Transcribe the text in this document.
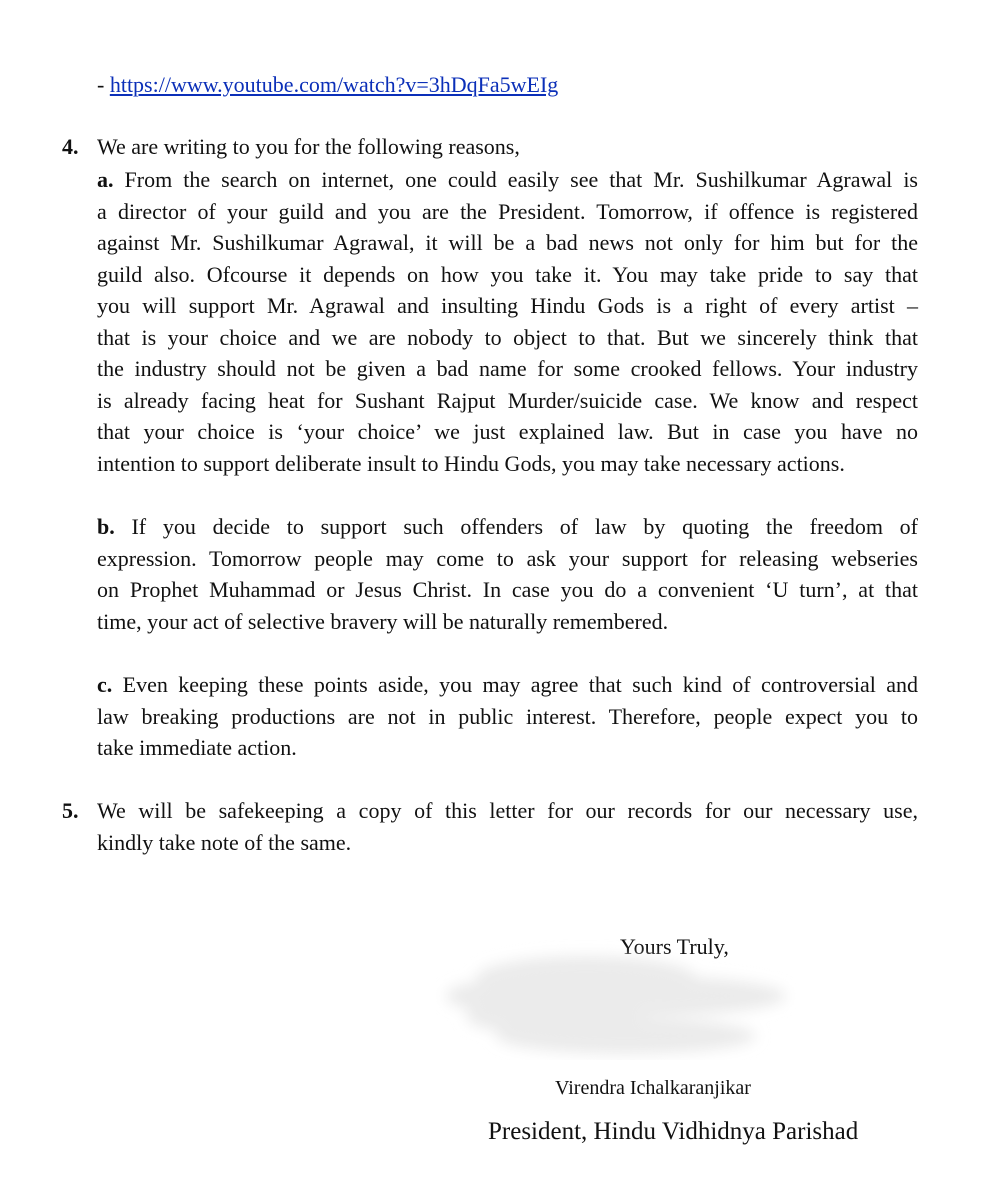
- https://www.youtube.com/watch?v=3hDqFa5wEIg
4. We are writing to you for the following reasons,
a. From the search on internet, one could easily see that Mr. Sushilkumar Agrawal is
a director of your guild and you are the President. Tomorrow, if offence is registered
against Mr. Sushilkumar Agrawal, it will be a bad news not only for him but for the
guild also. Ofcourse it depends on how you take it. You may take pride to say that
you will support Mr. Agrawal and insulting Hindu Gods is a right of every artist –
that is your choice and we are nobody to object to that. But we sincerely think that
the industry should not be given a bad name for some crooked fellows. Your industry
is already facing heat for Sushant Rajput Murder/suicide case. We know and respect
that your choice is ‘your choice’ we just explained law. But in case you have no
intention to support deliberate insult to Hindu Gods, you may take necessary actions.
b. If you decide to support such offenders of law by quoting the freedom of
expression. Tomorrow people may come to ask your support for releasing webseries
on Prophet Muhammad or Jesus Christ. In case you do a convenient ‘U turn’, at that
time, your act of selective bravery will be naturally remembered.
c. Even keeping these points aside, you may agree that such kind of controversial and
law breaking productions are not in public interest. Therefore, people expect you to
take immediate action.
5. We will be safekeeping a copy of this letter for our records for our necessary use,
kindly take note of the same.
Yours Truly,
Virendra Ichalkaranjikar
President, Hindu Vidhidnya Parishad
